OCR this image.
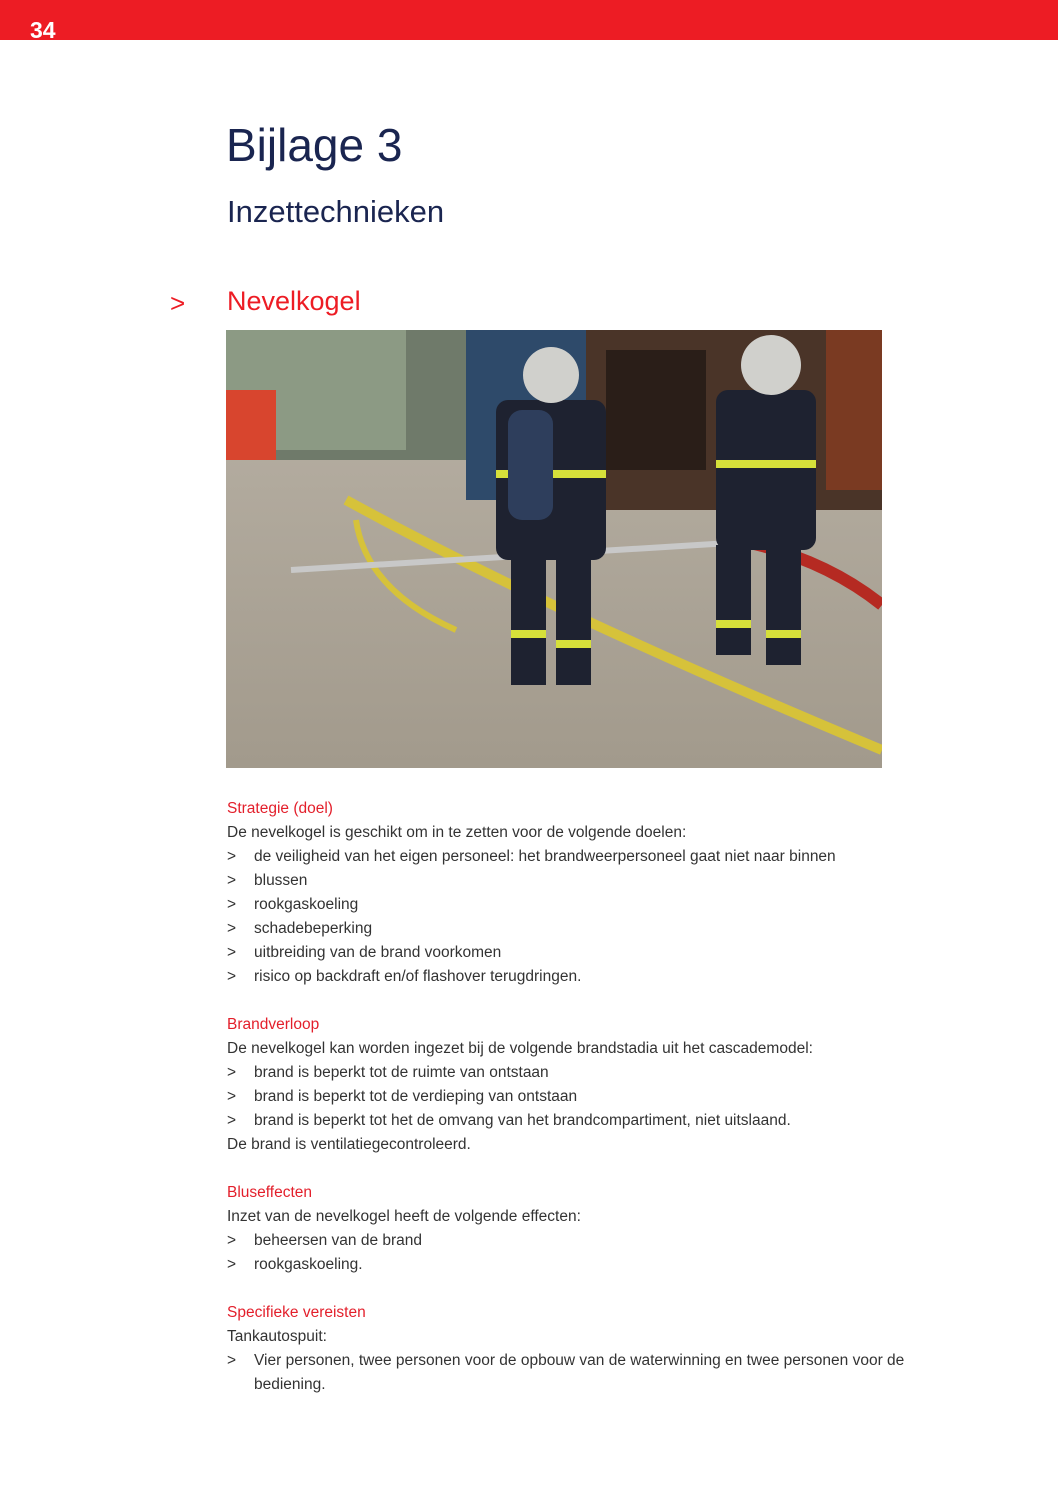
34
Bijlage 3
Inzettechnieken
> Nevelkogel
Strategie (doel)

De nevelkogel is geschikt om in te zetten voor de volgende doelen:

> de veiligheid van het eigen personeel: het brandweerpersoneel gaat niet naar binnen
> blussen
> rookgaskoeling
> schadebeperking
> uitbreiding van de brand voorkomen
> risico op backdraft en/of flashover terugdringen.
Brandverloop

De nevelkogel kan worden ingezet bij de volgende brandstadia uit het cascademodel:

> brand is beperkt tot de ruimte van ontstaan
> brand is beperkt tot de verdieping van ontstaan
> brand is beperkt tot het de omvang van het brandcompartiment, niet uitslaand.

De brand is ventilatiegecontroleerd.

Bluseffecten

Inzet van de nevelkogel heeft de volgende effecten:

> beheersen van de brand
> rookgaskoeling.
Specifieke vereisten

Tankautospuit:

> Vier personen, twee personen voor de opbouw van de waterwinning en twee personen voor de bediening.
